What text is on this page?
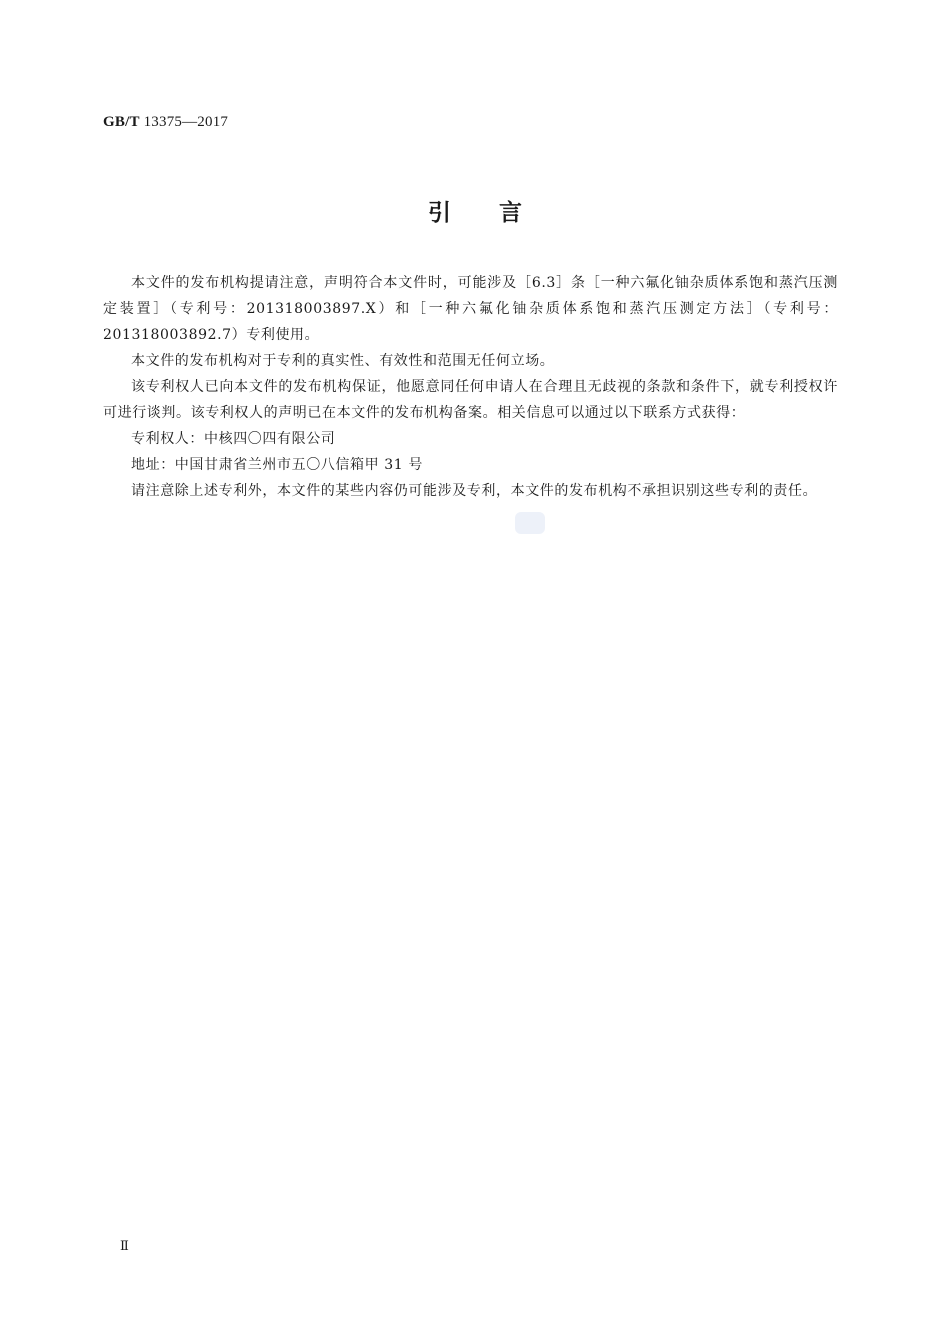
GB/T 13375—2017
引言

本文件的发布机构提请注意，声明符合本文件时，可能涉及［6.3］条［一种六氟化铀杂质体系饱和蒸汽压测定装置］（专利号：201318003897.X）和［一种六氟化铀杂质体系饱和蒸汽压测定方法］（专利号：201318003892.7）专利使用。

本文件的发布机构对于专利的真实性、有效性和范围无任何立场。

该专利权人已向本文件的发布机构保证，他愿意同任何申请人在合理且无歧视的条款和条件下，就专利授权许可进行谈判。该专利权人的声明已在本文件的发布机构备案。相关信息可以通过以下联系方式获得：

专利权人：中核四〇四有限公司

地址：中国甘肃省兰州市五〇八信箱甲 31 号

请注意除上述专利外，本文件的某些内容仍可能涉及专利，本文件的发布机构不承担识别这些专利的责任。

Ⅱ
